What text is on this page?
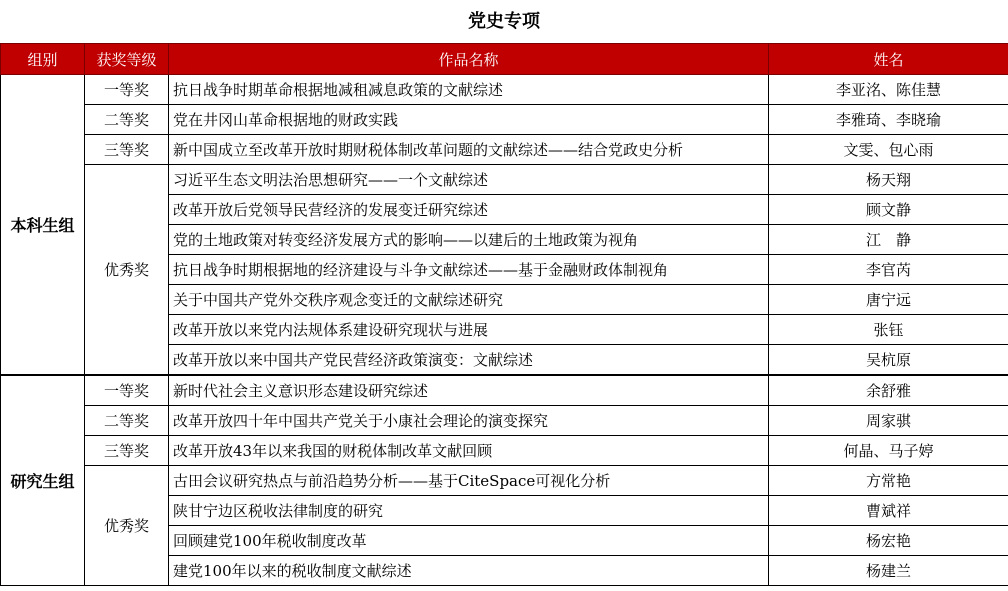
党史专项
组别	获奖等级	作品名称	姓名
本科生组	一等奖	抗日战争时期革命根据地减租减息政策的文献综述	李亚洺、陈佳慧
	二等奖	党在井冈山革命根据地的财政实践	李雅琦、李晓瑜
	三等奖	新中国成立至改革开放时期财税体制改革问题的文献综述——结合党政史分析	文雯、包心雨
	优秀奖	习近平生态文明法治思想研究——一个文献综述	杨天翔
		改革开放后党领导民营经济的发展变迁研究综述	顾文静
		党的土地政策对转变经济发展方式的影响——以建后的土地政策为视角	江　静
		抗日战争时期根据地的经济建设与斗争文献综述——基于金融财政体制视角	李官芮
		关于中国共产党外交秩序观念变迁的文献综述研究	唐宁远
		改革开放以来党内法规体系建设研究现状与进展	张钰
		改革开放以来中国共产党民营经济政策演变：文献综述	吴杭原
研究生组	一等奖	新时代社会主义意识形态建设研究综述	余舒雅
	二等奖	改革开放四十年中国共产党关于小康社会理论的演变探究	周家骐
	三等奖	改革开放43年以来我国的财税体制改革文献回顾	何晶、马子婷
	优秀奖	古田会议研究热点与前沿趋势分析——基于CiteSpace可视化分析	方常艳
		陕甘宁边区税收法律制度的研究	曹斌祥
		回顾建党100年税收制度改革	杨宏艳
		建党100年以来的税收制度文献综述	杨建兰
